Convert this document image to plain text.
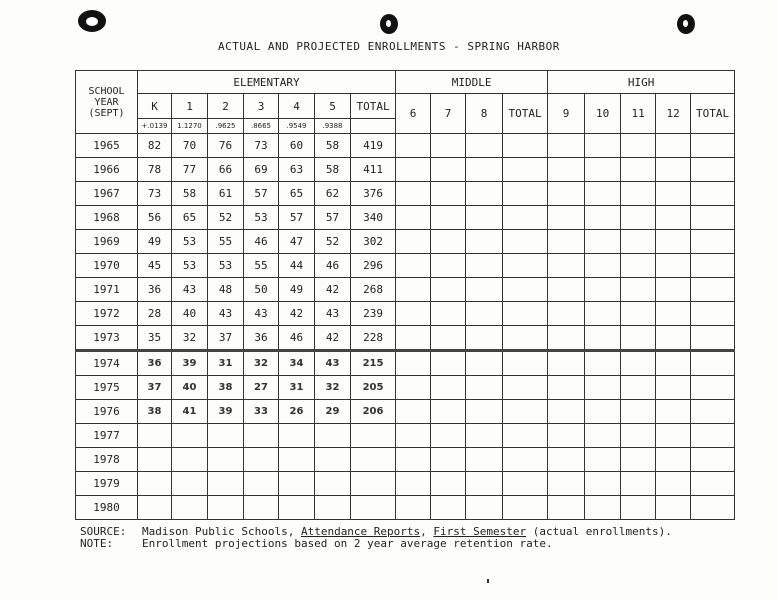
ACTUAL AND PROJECTED ENROLLMENTS - SPRING HARBOR
SCHOOL YEAR (SEPT)	ELEMENTARY							MIDDLE				HIGH				
	K	1	2	3	4	5	TOTAL	6	7	8	TOTAL	9	10	11	12	TOTAL
	+.0139	1.1270	.9625	.8665	.9549	.9388										
1965	82	70	76	73	60	58	419									
1966	78	77	66	69	63	58	411									
1967	73	58	61	57	65	62	376									
1968	56	65	52	53	57	57	340									
1969	49	53	55	46	47	52	302									
1970	45	53	53	55	44	46	296									
1971	36	43	48	50	49	42	268									
1972	28	40	43	43	42	43	239									
1973	35	32	37	36	46	42	228									
1974	36	39	31	32	34	43	215									
1975	37	40	38	27	31	32	205									
1976	38	41	39	33	26	29	206									
1977																
1978																
1979																
1980																
SOURCE:	Madison Public Schools, Attendance Reports, First Semester (actual enrollments).
NOTE:	Enrollment projections based on 2 year average retention rate.
